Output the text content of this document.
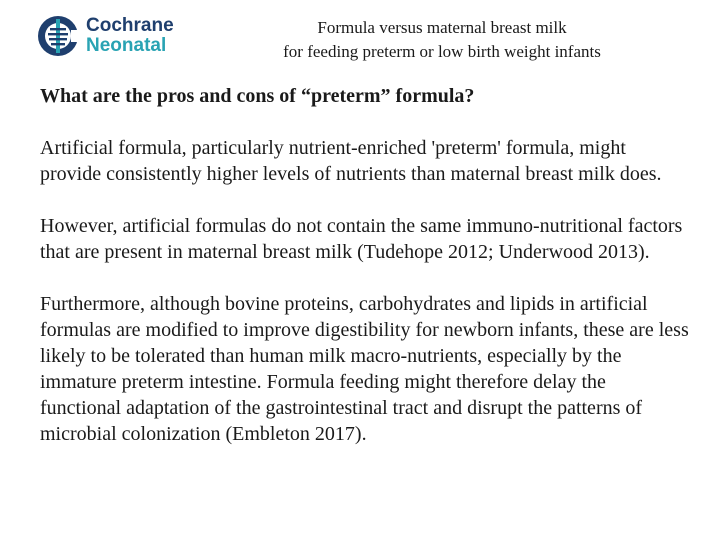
Cochrane
Neonatal
Formula versus maternal breast milk
for feeding preterm or low birth weight infants

What are the pros and cons of “preterm” formula?

Artificial formula, particularly nutrient-enriched 'preterm' formula, might provide consistently higher levels of nutrients than maternal breast milk does.

However, artificial formulas do not contain the same immuno-nutritional factors that are present in maternal breast milk (Tudehope 2012; Underwood 2013).

Furthermore, although bovine proteins, carbohydrates and lipids in artificial formulas are modified to improve digestibility for newborn infants, these are less likely to be tolerated than human milk macro-nutrients, especially by the immature preterm intestine. Formula feeding might therefore delay the functional adaptation of the gastrointestinal tract and disrupt the patterns of microbial colonization (Embleton 2017).
